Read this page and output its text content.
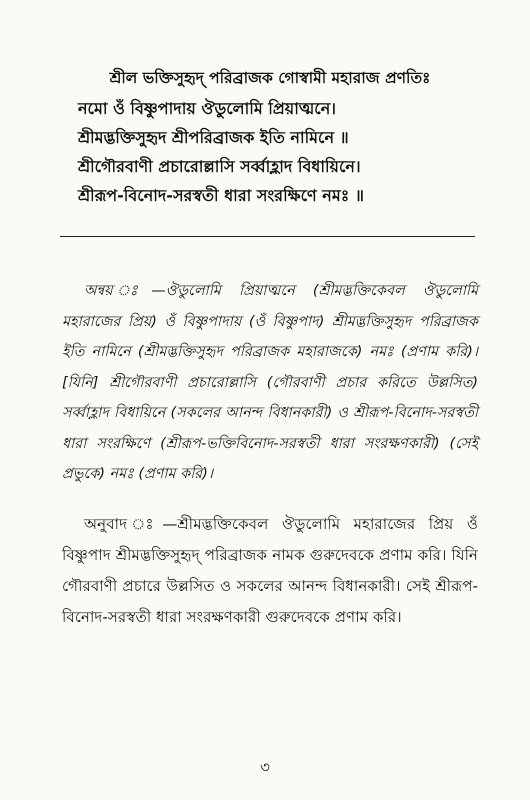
শ্রীল ভক্তিসুহৃদ্ পরিব্রাজক গোস্বামী মহারাজ প্রণতিঃ
নমো ওঁ বিষ্ণুপাদায় ঔডুলোমি প্রিয়াত্মনে।
শ্রীমদ্ভক্তিসুহৃদ শ্রীপরিব্রাজক ইতি নামিনে ॥
শ্রীগৌরবাণী প্রচারোল্লাসি সর্ব্বাহ্লাদ বিধায়িনে।
শ্রীরূপ-বিনোদ-সরস্বতী ধারা সংরক্ষিণে নমঃ ॥

অন্বয় ঃ—ঔডুলোমি প্রিয়াত্মনে (শ্রীমদ্ভক্তিকেবল ঔডুলোমি মহারাজের প্রিয়) ওঁ বিষ্ণুপাদায় (ওঁ বিষ্ণুপাদ) শ্রীমদ্ভক্তিসুহৃদ পরিব্রাজক ইতি নামিনে (শ্রীমদ্ভক্তিসুহৃদ পরিব্রাজক মহারাজকে) নমঃ (প্রণাম করি)। [যিনি] শ্রীগৌরবাণী প্রচারোল্লাসি (গৌরবাণী প্রচার করিতে উল্লসিত) সর্ব্বাহ্লাদ বিধায়িনে (সকলের আনন্দ বিধানকারী) ও শ্রীরূপ-বিনোদ-সরস্বতী ধারা সংরক্ষিণে (শ্রীরূপ-ভক্তিবিনোদ-সরস্বতী ধারা সংরক্ষণকারী) (সেই প্রভুকে) নমঃ (প্রণাম করি)।

অনুবাদ ঃ—শ্রীমদ্ভক্তিকেবল ঔডুলোমি মহারাজের প্রিয় ওঁ বিষ্ণুপাদ শ্রীমদ্ভক্তিসুহৃদ্ পরিব্রাজক নামক গুরুদেবকে প্রণাম করি। যিনি গৌরবাণী প্রচারে উল্লসিত ও সকলের আনন্দ বিধানকারী। সেই শ্রীরূপ-বিনোদ-সরস্বতী ধারা সংরক্ষণকারী গুরুদেবকে প্রণাম করি।

৩
